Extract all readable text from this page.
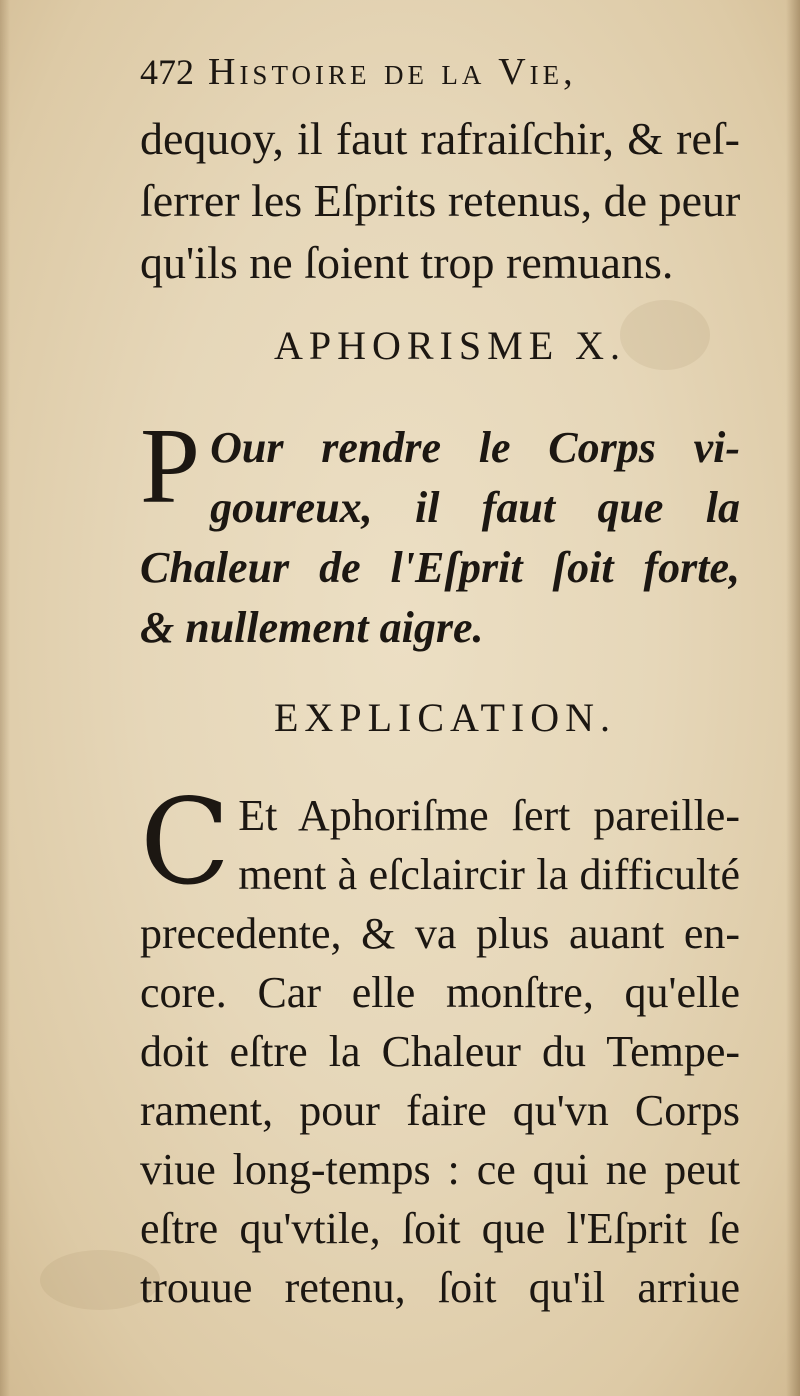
472 Histoire de la Vie,
dequoy, il faut rafraiſchir, & reſ-
ſerrer les Eſprits retenus, de peur
qu'ils ne ſoient trop remuans.
APHORISME X.
P Our rendre le Corps vi-
goureux, il faut que la
Chaleur de l'Eſprit ſoit forte,
& nullement aigre.
EXPLICATION.
C Et Aphoriſme ſert pareille-
ment à eſclaircir la difficulté
precedente, & va plus auant en-
core. Car elle monſtre, qu'elle
doit eſtre la Chaleur du Tempe-
rament, pour faire qu'vn Corps
viue long-temps : ce qui ne peut
eſtre qu'vtile, ſoit que l'Eſprit ſe
trouue retenu, ſoit qu'il arriue
